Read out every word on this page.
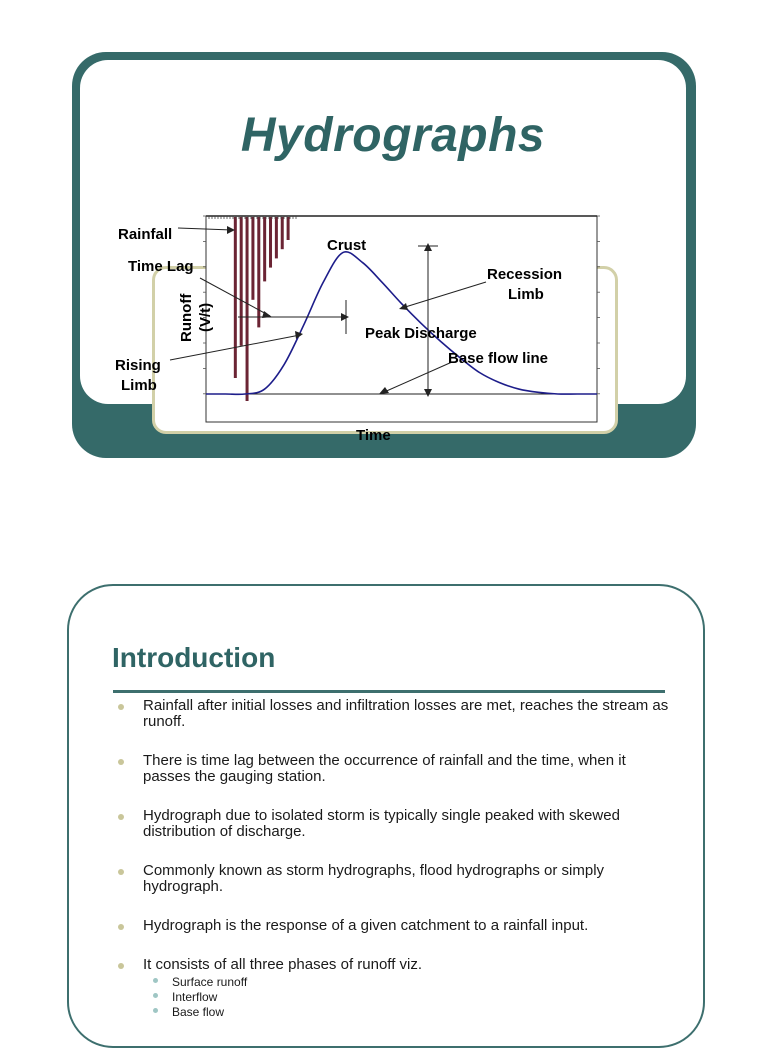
Hydrographs
Rainfall
Crust
Time Lag	Recession
Limb
Peak Discharge
Base flow line
Rising
Limb
Time
Runoff (V/t)
Introduction
Rainfall after initial losses and infiltration losses are met, reaches the stream as runoff.
There is time lag between the occurrence of rainfall and the time, when it passes the gauging station.
Hydrograph due to isolated storm is typically single peaked with skewed distribution of discharge.
Commonly known as storm hydrographs, flood hydrographs or simply hydrograph.
Hydrograph is the response of a given catchment to a rainfall input.
It consists of all three phases of runoff viz.
Surface runoff
Interflow
Base flow
